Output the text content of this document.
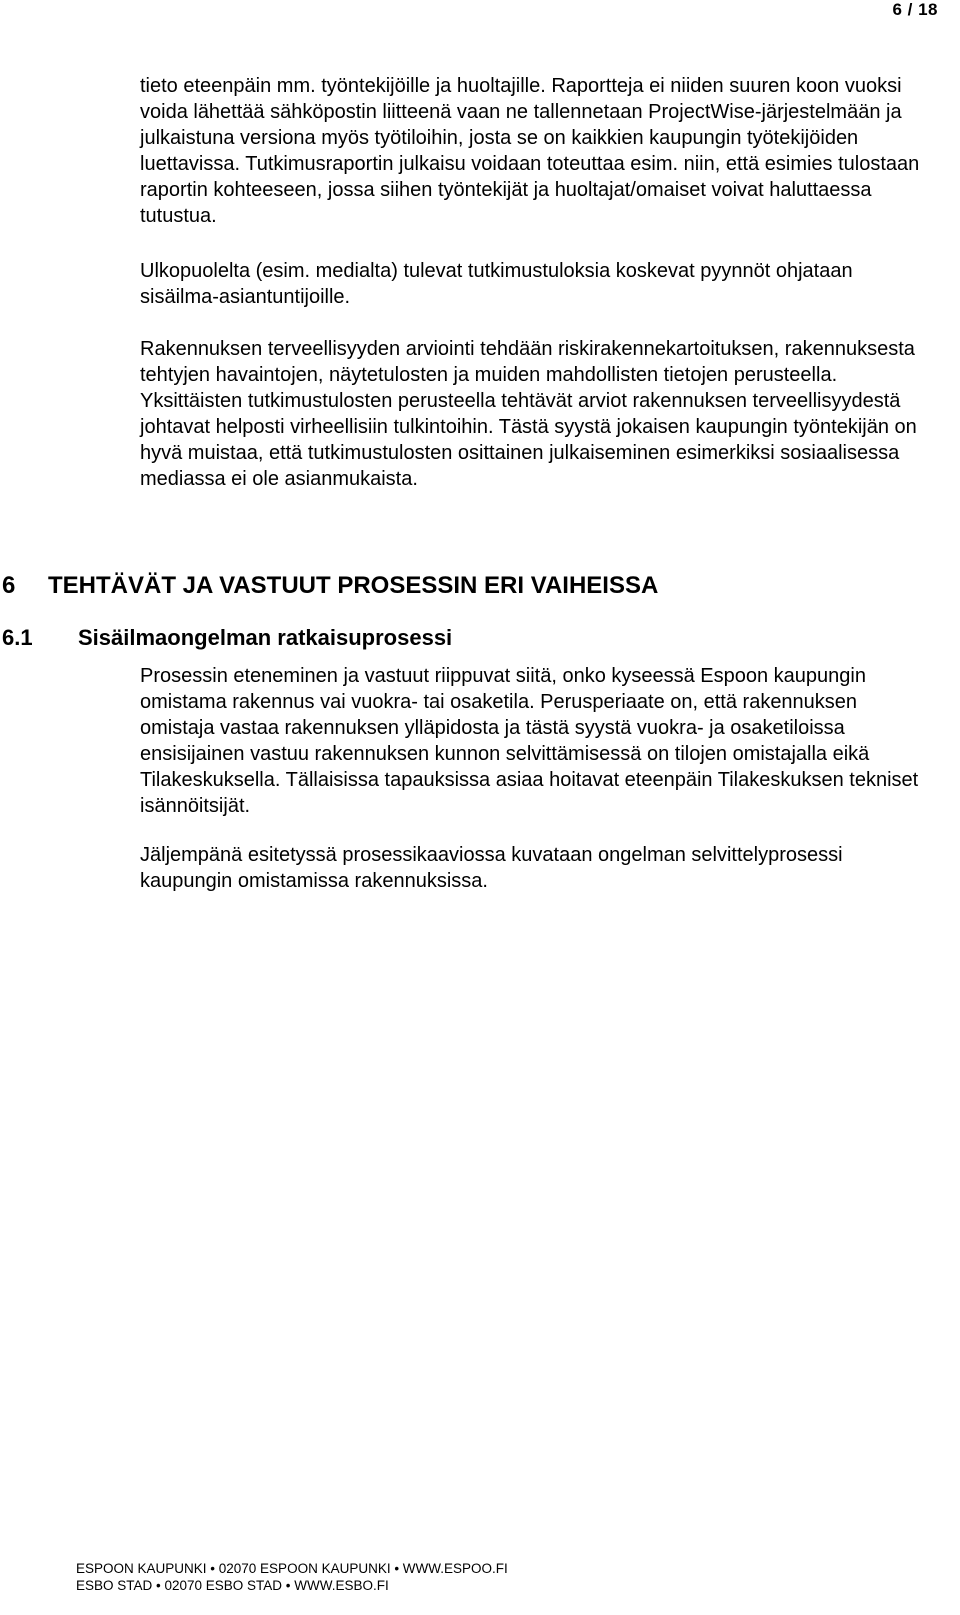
6 / 18

tieto eteenpäin mm. työntekijöille ja huoltajille. Raportteja ei niiden suuren koon vuoksi voida lähettää sähköpostin liitteenä vaan ne tallennetaan ProjectWise-järjestelmään ja julkaistuna versiona myös työtiloihin, josta se on kaikkien kaupungin työtekijöiden luettavissa. Tutkimusraportin julkaisu voidaan toteuttaa esim. niin, että esimies tulostaan raportin kohteeseen, jossa siihen työntekijät ja huoltajat/omaiset voivat haluttaessa tutustua.

Ulkopuolelta (esim. medialta) tulevat tutkimustuloksia koskevat pyynnöt ohjataan sisäilma-asiantuntijoille.

Rakennuksen terveellisyyden arviointi tehdään riskirakennekartoituksen, rakennuksesta tehtyjen havaintojen, näytetulosten ja muiden mahdollisten tietojen perusteella. Yksittäisten tutkimustulosten perusteella tehtävät arviot rakennuksen terveellisyydestä johtavat helposti virheellisiin tulkintoihin. Tästä syystä jokaisen kaupungin työntekijän on hyvä muistaa, että tutkimustulosten osittainen julkaiseminen esimerkiksi sosiaalisessa mediassa ei ole asianmukaista.

6 TEHTÄVÄT JA VASTUUT PROSESSIN ERI VAIHEISSA
6.1 Sisäilmaongelman ratkaisuprosessi

Prosessin eteneminen ja vastuut riippuvat siitä, onko kyseessä Espoon kaupungin omistama rakennus vai vuokra- tai osaketila. Perusperiaate on, että rakennuksen omistaja vastaa rakennuksen ylläpidosta ja tästä syystä vuokra- ja osaketiloissa ensisijainen vastuu rakennuksen kunnon selvittämisessä on tilojen omistajalla eikä Tilakeskuksella. Tällaisissa tapauksissa asiaa hoitavat eteenpäin Tilakeskuksen tekniset isännöitsijät.

Jäljempänä esitetyssä prosessikaaviossa kuvataan ongelman selvittelyprosessi kaupungin omistamissa rakennuksissa.

ESPOON KAUPUNKI • 02070 ESPOON KAUPUNKI • WWW.ESPOO.FI
ESBO STAD • 02070 ESBO STAD • WWW.ESBO.FI
